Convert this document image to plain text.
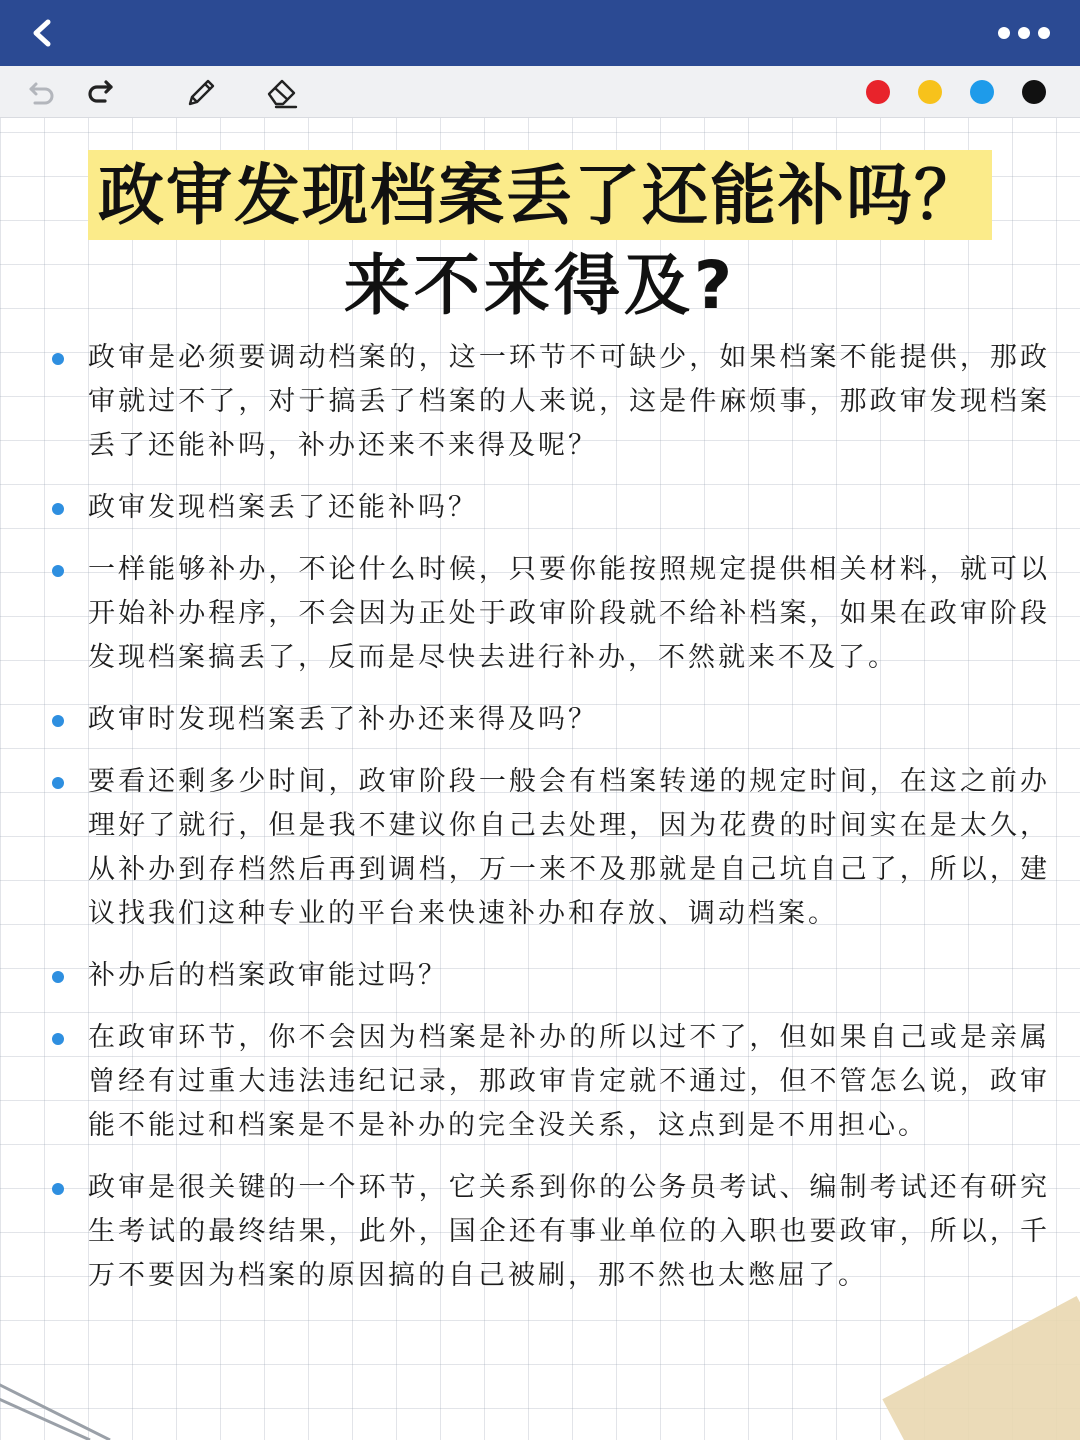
政审发现档案丢了还能补吗？
来不来得及?
政审是必须要调动档案的，这一环节不可缺少，如果档案不能提供，那政审就过不了，对于搞丢了档案的人来说，这是件麻烦事，那政审发现档案丢了还能补吗，补办还来不来得及呢？
政审发现档案丢了还能补吗？
一样能够补办，不论什么时候，只要你能按照规定提供相关材料，就可以开始补办程序，不会因为正处于政审阶段就不给补档案，如果在政审阶段发现档案搞丢了，反而是尽快去进行补办，不然就来不及了。
政审时发现档案丢了补办还来得及吗？
要看还剩多少时间，政审阶段一般会有档案转递的规定时间，在这之前办理好了就行，但是我不建议你自己去处理，因为花费的时间实在是太久，从补办到存档然后再到调档，万一来不及那就是自己坑自己了，所以，建议找我们这种专业的平台来快速补办和存放、调动档案。
补办后的档案政审能过吗？
在政审环节，你不会因为档案是补办的所以过不了，但如果自己或是亲属曾经有过重大违法违纪记录，那政审肯定就不通过，但不管怎么说，政审能不能过和档案是不是补办的完全没关系，这点到是不用担心。
政审是很关键的一个环节，它关系到你的公务员考试、编制考试还有研究生考试的最终结果，此外，国企还有事业单位的入职也要政审，所以，千万不要因为档案的原因搞的自己被刷，那不然也太憋屈了。
